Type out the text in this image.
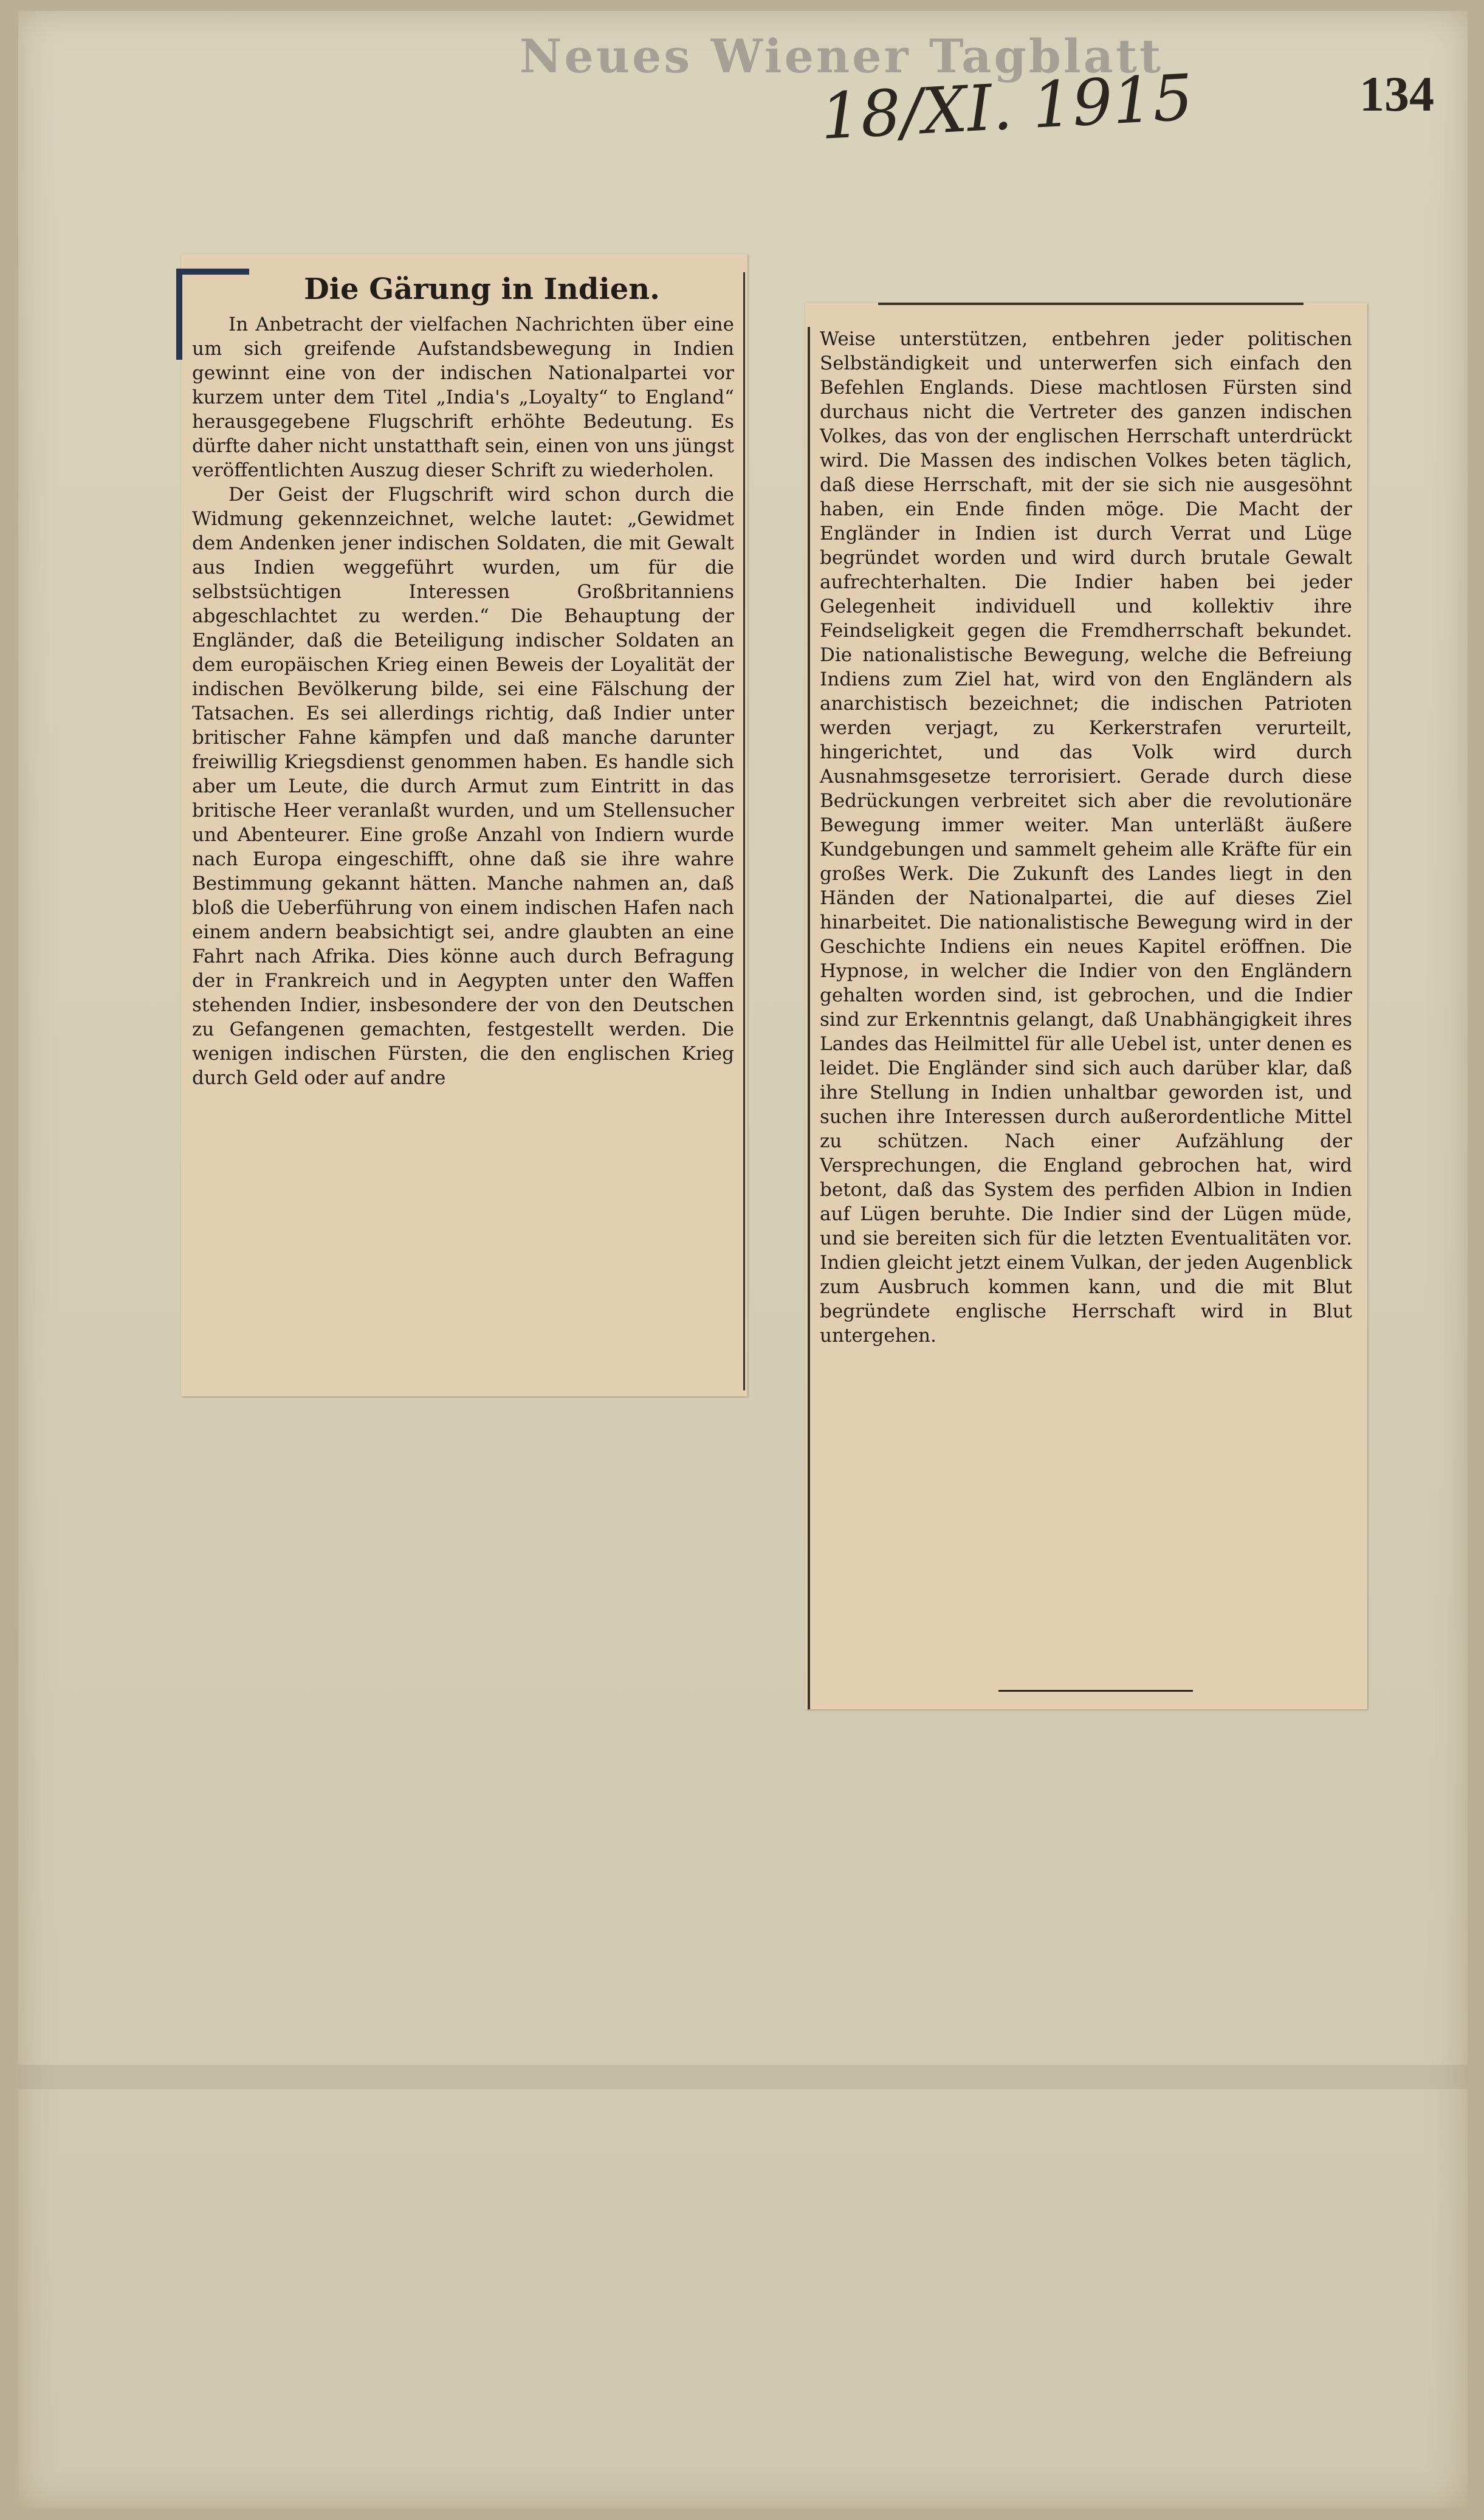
Neues Wiener Tagblatt
18/XI. 1915	134
Die Gärung in Indien.

In Anbetracht der vielfachen Nachrichten über eine um sich greifende Aufstandsbewegung in Indien gewinnt eine von der indischen Nationalpartei vor kurzem unter dem Titel „India's „Loyalty“ to England“ herausgegebene Flugschrift erhöhte Bedeutung. Es dürfte daher nicht unstatthaft sein, einen von uns jüngst veröffentlichten Auszug dieser Schrift zu wiederholen.

Der Geist der Flugschrift wird schon durch die Widmung gekennzeichnet, welche lautet: „Gewidmet dem Andenken jener indischen Soldaten, die mit Gewalt aus Indien weggeführt wurden, um für die selbstsüchtigen Interessen Großbritanniens abgeschlachtet zu werden.“ Die Behauptung der Engländer, daß die Beteiligung indischer Soldaten an dem europäischen Krieg einen Beweis der Loyalität der indischen Bevölkerung bilde, sei eine Fälschung der Tatsachen. Es sei allerdings richtig, daß Indier unter britischer Fahne kämpfen und daß manche darunter freiwillig Kriegsdienst genommen haben. Es handle sich aber um Leute, die durch Armut zum Eintritt in das britische Heer veranlaßt wurden, und um Stellensucher und Abenteurer. Eine große Anzahl von Indiern wurde nach Europa eingeschifft, ohne daß sie ihre wahre Bestimmung gekannt hätten. Manche nahmen an, daß bloß die Ueberführung von einem indischen Hafen nach einem andern beabsichtigt sei, andre glaubten an eine Fahrt nach Afrika. Dies könne auch durch Befragung der in Frankreich und in Aegypten unter den Waffen stehenden Indier, insbesondere der von den Deutschen zu Gefangenen gemachten, festgestellt werden. Die wenigen indischen Fürsten, die den englischen Krieg durch Geld oder auf andre

Weise unterstützen, entbehren jeder politischen Selbständigkeit und unterwerfen sich einfach den Befehlen Englands. Diese machtlosen Fürsten sind durchaus nicht die Vertreter des ganzen indischen Volkes, das von der englischen Herrschaft unterdrückt wird. Die Massen des indischen Volkes beten täglich, daß diese Herrschaft, mit der sie sich nie ausgesöhnt haben, ein Ende finden möge. Die Macht der Engländer in Indien ist durch Verrat und Lüge begründet worden und wird durch brutale Gewalt aufrechterhalten. Die Indier haben bei jeder Gelegenheit individuell und kollektiv ihre Feindseligkeit gegen die Fremdherrschaft bekundet. Die nationalistische Bewegung, welche die Befreiung Indiens zum Ziel hat, wird von den Engländern als anarchistisch bezeichnet; die indischen Patrioten werden verjagt, zu Kerkerstrafen verurteilt, hingerichtet, und das Volk wird durch Ausnahmsgesetze terrorisiert. Gerade durch diese Bedrückungen verbreitet sich aber die revolutionäre Bewegung immer weiter. Man unterläßt äußere Kundgebungen und sammelt geheim alle Kräfte für ein großes Werk. Die Zukunft des Landes liegt in den Händen der Nationalpartei, die auf dieses Ziel hinarbeitet. Die nationalistische Bewegung wird in der Geschichte Indiens ein neues Kapitel eröffnen. Die Hypnose, in welcher die Indier von den Engländern gehalten worden sind, ist gebrochen, und die Indier sind zur Erkenntnis gelangt, daß Unabhängigkeit ihres Landes das Heilmittel für alle Uebel ist, unter denen es leidet. Die Engländer sind sich auch darüber klar, daß ihre Stellung in Indien unhaltbar geworden ist, und suchen ihre Interessen durch außerordentliche Mittel zu schützen. Nach einer Aufzählung der Versprechungen, die England gebrochen hat, wird betont, daß das System des perfiden Albion in Indien auf Lügen beruhte. Die Indier sind der Lügen müde, und sie bereiten sich für die letzten Eventualitäten vor. Indien gleicht jetzt einem Vulkan, der jeden Augenblick zum Ausbruch kommen kann, und die mit Blut begründete englische Herrschaft wird in Blut untergehen.
